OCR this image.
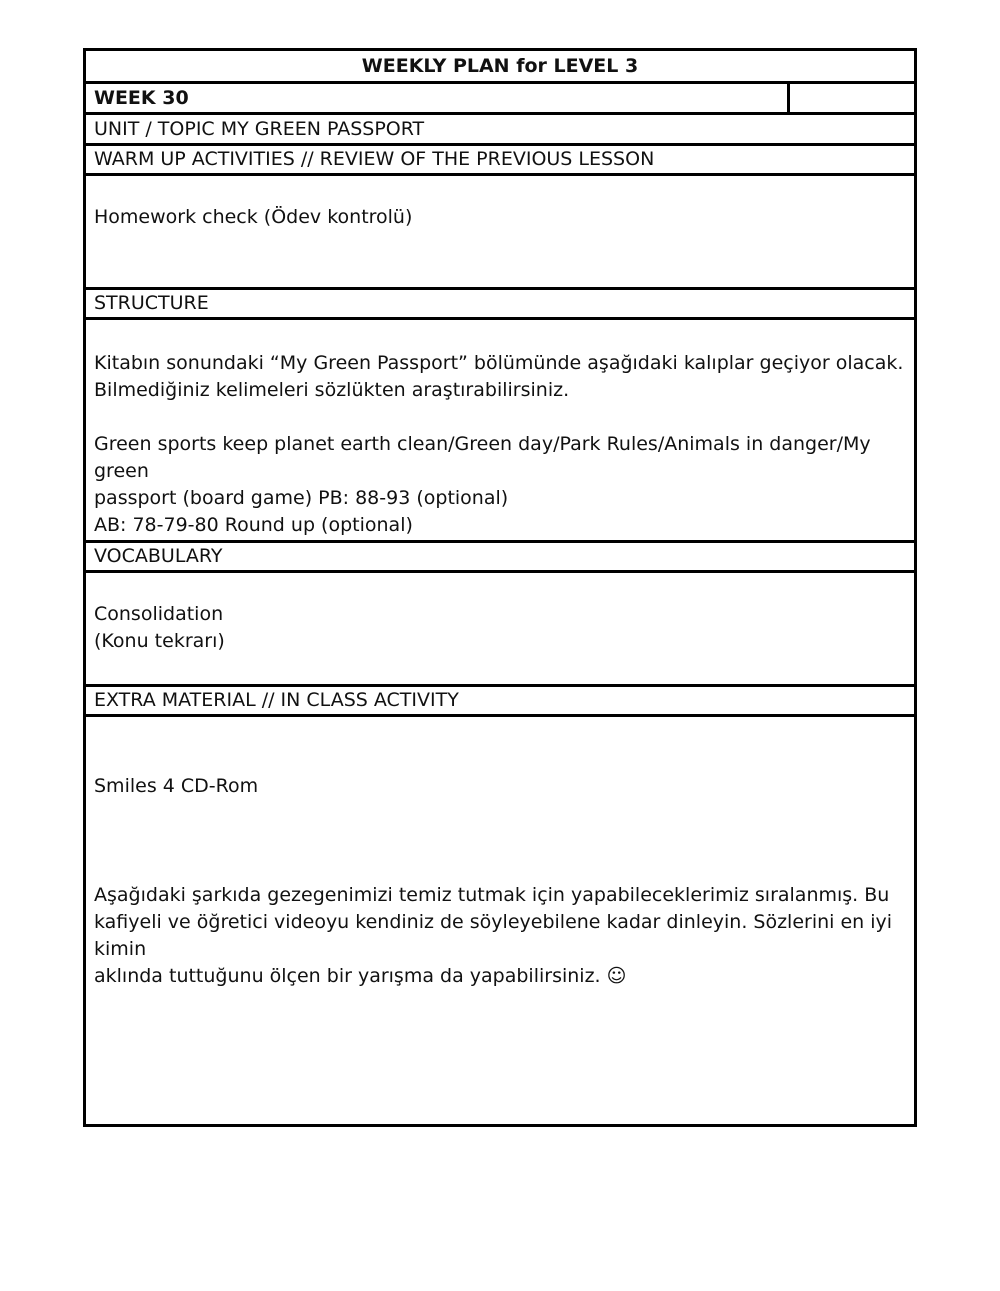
WEEKLY PLAN for LEVEL 3
WEEK 30
UNIT / TOPIC MY GREEN PASSPORT
WARM UP ACTIVITIES // REVIEW OF THE PREVIOUS LESSON

Homework check (Ödev kontrolü)

STRUCTURE

Kitabın sonundaki “My Green Passport” bölümünde aşağıdaki kalıplar geçiyor olacak.

Bilmediğiniz kelimeleri sözlükten araştırabilirsiniz.

Green sports keep planet earth clean/Green day/Park Rules/Animals in danger/My green

passport (board game) PB: 88-93 (optional)

AB: 78-79-80 Round up (optional)

VOCABULARY

Consolidation

(Konu tekrarı)

EXTRA MATERIAL // IN CLASS ACTIVITY

Smiles 4 CD-Rom

Aşağıdaki şarkıda gezegenimizi temiz tutmak için yapabileceklerimiz sıralanmış. Bu

kafiyeli ve öğretici videoyu kendiniz de söyleyebilene kadar dinleyin. Sözlerini en iyi kimin

aklında tuttuğunu ölçen bir yarışma da yapabilirsiniz. ☺
